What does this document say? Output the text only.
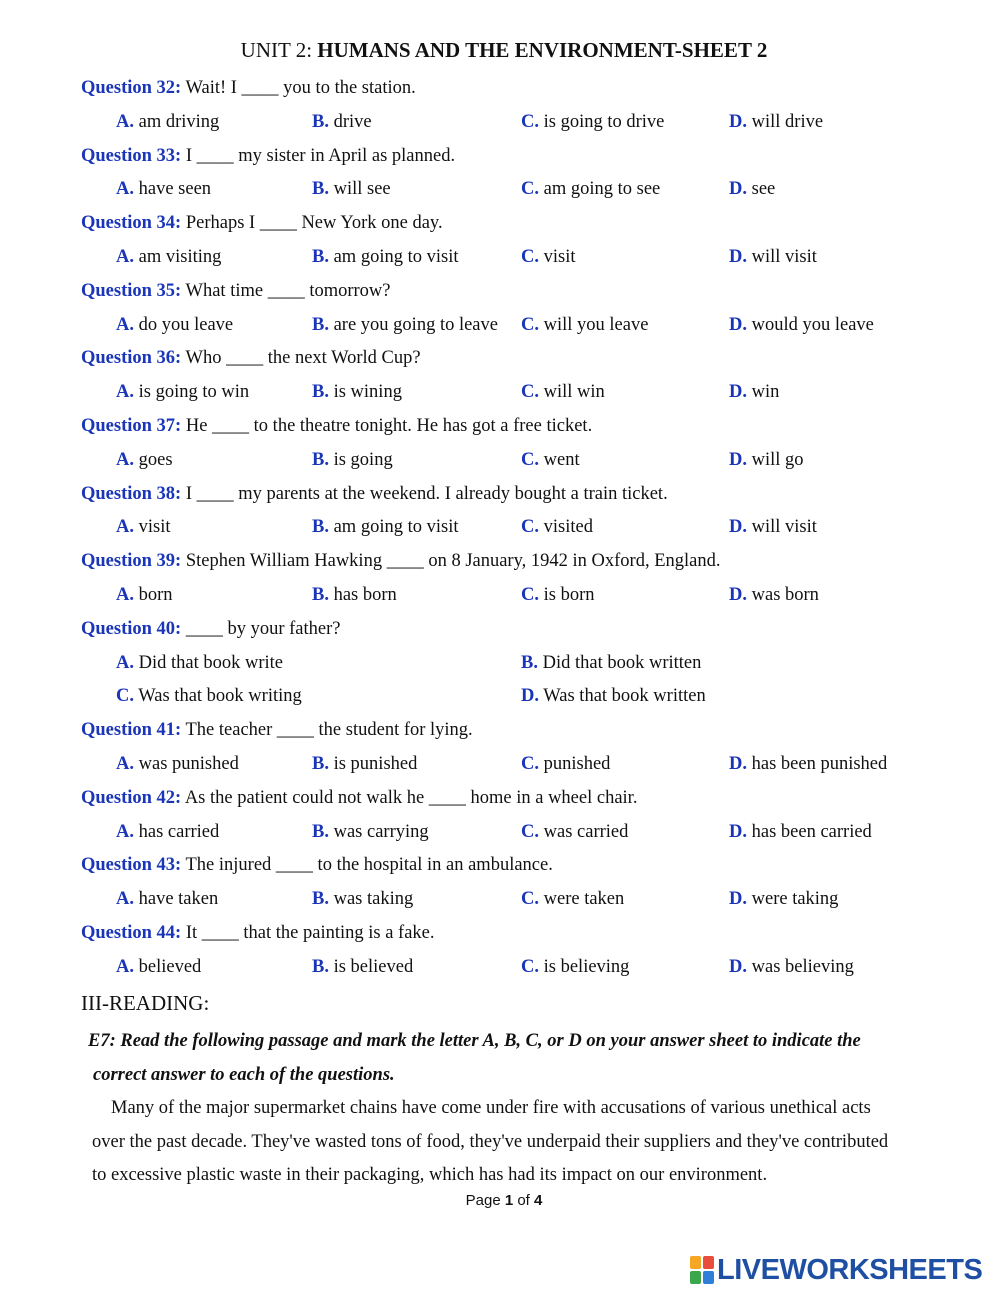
UNIT 2: HUMANS AND THE ENVIRONMENT-SHEET 2
Question 32: Wait! I ____ you to the station.
A. am driving	B. drive	C. is going to drive	D. will drive
Question 33: I ____ my sister in April as planned.
A. have seen	B. will see	C. am going to see	D. see
Question 34: Perhaps I ____ New York one day.
A. am visiting	B. am going to visit	C. visit	D. will visit
Question 35: What time ____ tomorrow?
A. do you leave	B. are you going to leave C. will you leave	D. would you leave
Question 36: Who ____ the next World Cup?
A. is going to win	B. is wining	C. will win	D. win
Question 37: He ____ to the theatre tonight. He has got a free ticket.
A. goes	B. is going	C. went	D. will go
Question 38: I ____ my parents at the weekend. I already bought a train ticket.
A. visit	B. am going to visit	C. visited	D. will visit
Question 39: Stephen William Hawking ____ on 8 January, 1942 in Oxford, England.
A. born	B. has born	C. is born	D. was born
Question 40: ____ by your father?
A. Did that book write	B. Did that book written
C. Was that book writing	D. Was that book written
Question 41: The teacher ____ the student for lying.
A. was punished	B. is punished	C. punished	D. has been punished
Question 42: As the patient could not walk he ____ home in a wheel chair.
A. has carried	B. was carrying	C. was carried	D. has been carried
Question 43: The injured ____ to the hospital in an ambulance.
A. have taken	B. was taking	C. were taken	D. were taking
Question 44: It ____ that the painting is a fake.
A. believed	B. is believed	C. is believing	D. was believing
III-READING:
E7: Read the following passage and mark the letter A, B, C, or D on your answer sheet to indicate the
correct answer to each of the questions.
Many of the major supermarket chains have come under fire with accusations of various unethical acts
over the past decade. They've wasted tons of food, they've underpaid their suppliers and they've contributed
to excessive plastic waste in their packaging, which has had its impact on our environment.
Page 1 of 4
LIVEWORKSHEETS
